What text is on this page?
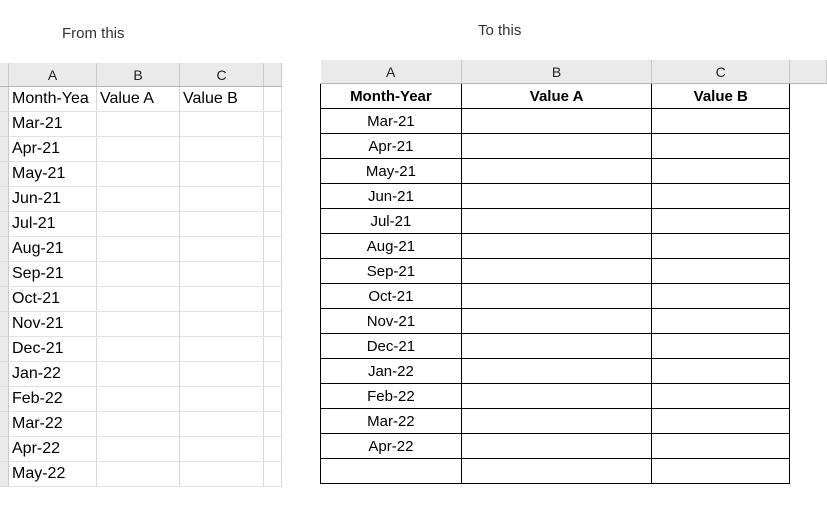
From this	To this
	A	B	C	
	Month-Yea	Value A	Value B	
	Mar-21			
	Apr-21			
	May-21			
	Jun-21			
	Jul-21			
	Aug-21			
	Sep-21			
	Oct-21			
	Nov-21			
	Dec-21			
	Jan-22			
	Feb-22			
	Mar-22			
	Apr-22			
	May-22			
A	B	C	
Month-Year	Value A	Value B	
Mar-21			
Apr-21			
May-21			
Jun-21			
Jul-21			
Aug-21			
Sep-21			
Oct-21			
Nov-21			
Dec-21			
Jan-22			
Feb-22			
Mar-22			
Apr-22			
